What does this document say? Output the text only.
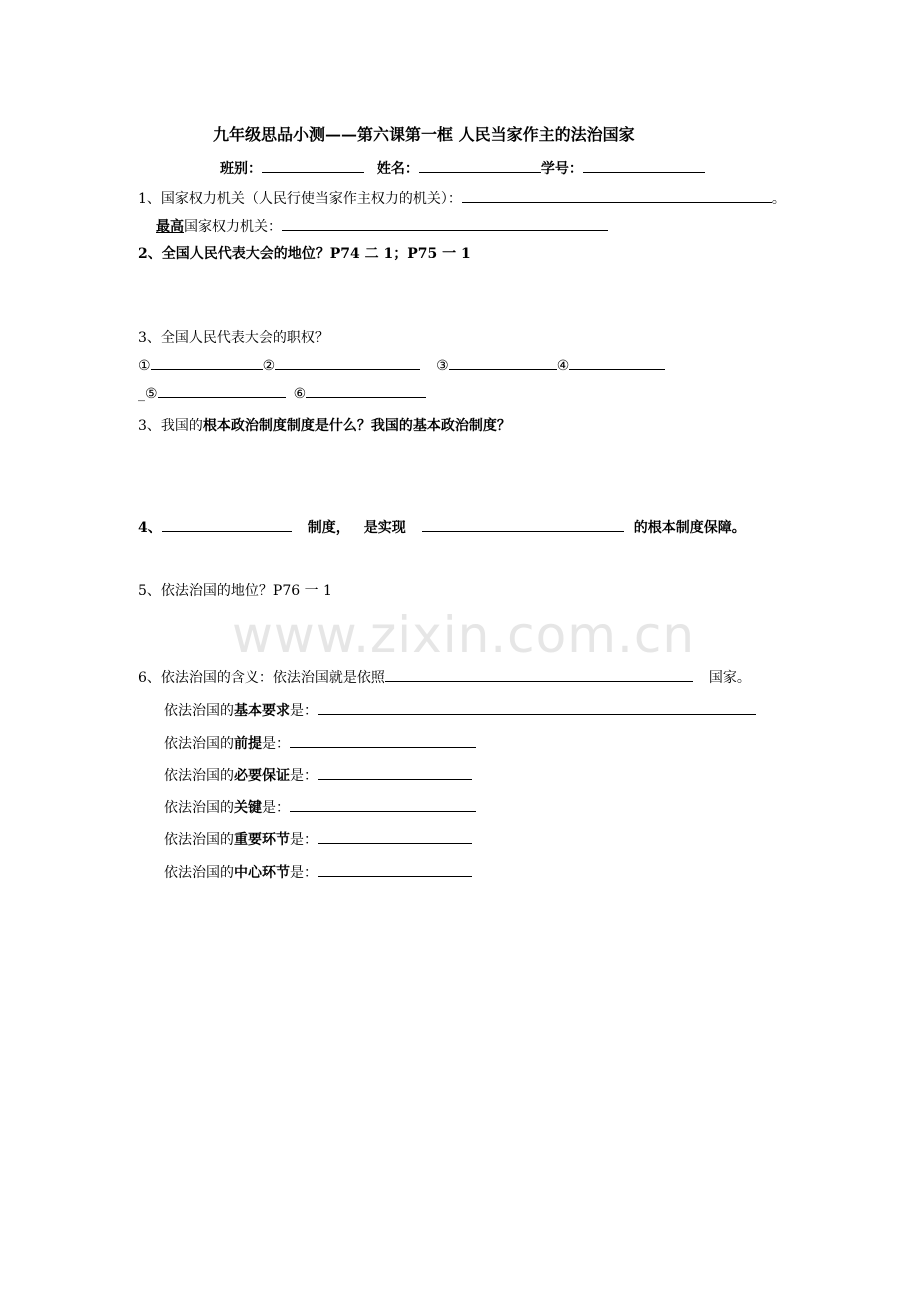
九年级思品小测——第六课第一框 人民当家作主的法治国家
班别：	姓名：	学号：
1、国家权力机关（人民行使当家作主权力的机关）：	。
最高国家权力机关：
2、全国人民代表大会的地位？P74 二 1；P75 一 1
3、全国人民代表大会的职权？
①	②	③	④
_⑤	⑥
3、我国的根本政治制度制度是什么？我国的基本政治制度？
4、	制度， 是实现	的根本制度保障。
5、依法治国的地位？P76 一 1
www.zixin.com.cn
6、依法治国的含义：依法治国就是依照	国家。
依法治国的基本要求是：
依法治国的前提是：
依法治国的必要保证是：
依法治国的关键是：
依法治国的重要环节是：
依法治国的中心环节是：
